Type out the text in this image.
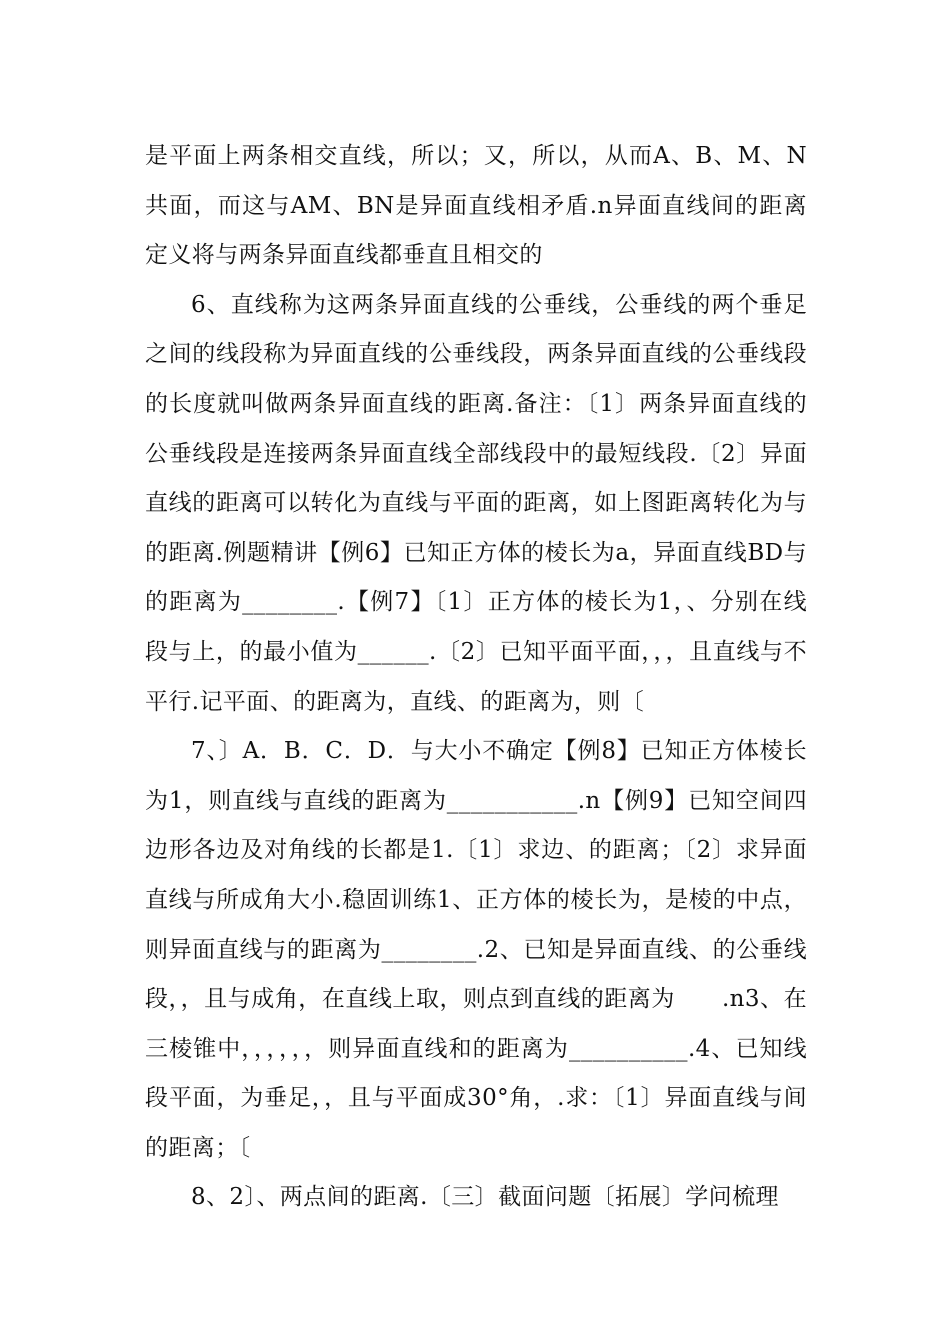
是平面上两条相交直线，所以；又，所以，从而A、B、M、N共面，而这与AM、BN是异面直线相矛盾.n异面直线间的距离定义将与两条异面直线都垂直且相交的

6、直线称为这两条异面直线的公垂线，公垂线的两个垂足之间的线段称为异面直线的公垂线段，两条异面直线的公垂线段的长度就叫做两条异面直线的距离.备注：〔1〕两条异面直线的公垂线段是连接两条异面直线全部线段中的最短线段.〔2〕异面直线的距离可以转化为直线与平面的距离，如上图距离转化为与的距离.例题精讲【例6】已知正方体的棱长为a，异面直线BD与的距离为________.【例7】〔1〕正方体的棱长为1，、分别在线段与上，的最小值为______.〔2〕已知平面平面，，，且直线与不平行.记平面、的距离为，直线、的距离为，则〔

7、〕A．B．C．D．与大小不确定【例8】已知正方体棱长为1，则直线与直线的距离为___________.n【例9】已知空间四边形各边及对角线的长都是1.〔1〕求边、的距离；〔2〕求异面直线与所成角大小.稳固训练1、正方体的棱长为，是棱的中点，则异面直线与的距离为________.2、已知是异面直线、的公垂线段，，且与成角，在直线上取，则点到直线的距离为　　.n3、在三棱锥中，，，，，，则异面直线和的距离为__________.4、已知线段平面，为垂足，，且与平面成30°角，.求：〔1〕异面直线与间的距离；〔

8、2〕、两点间的距离.〔三〕截面问题〔拓展〕学问梳理
